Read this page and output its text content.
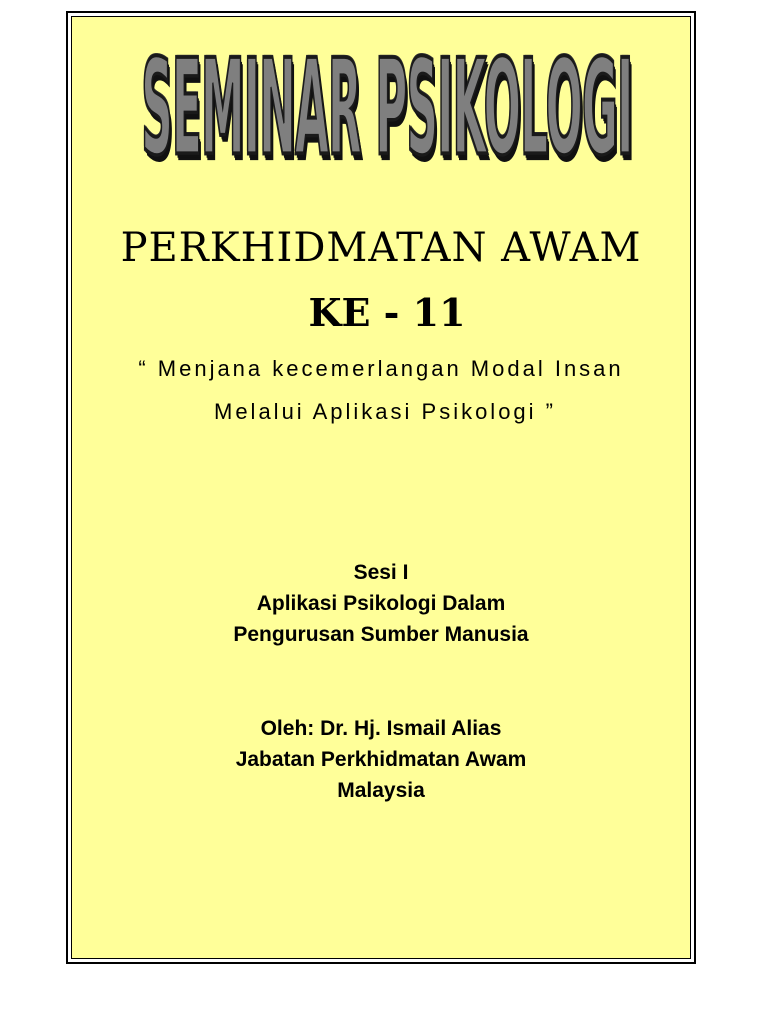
SEMINAR PSIKOLOGI
PERKHIDMATAN AWAM
KE - 11
“ Menjana kecemerlangan Modal Insan
Melalui Aplikasi Psikologi ”
Sesi I
Aplikasi Psikologi Dalam
Pengurusan Sumber Manusia
Oleh: Dr. Hj. Ismail Alias
Jabatan Perkhidmatan Awam
Malaysia
